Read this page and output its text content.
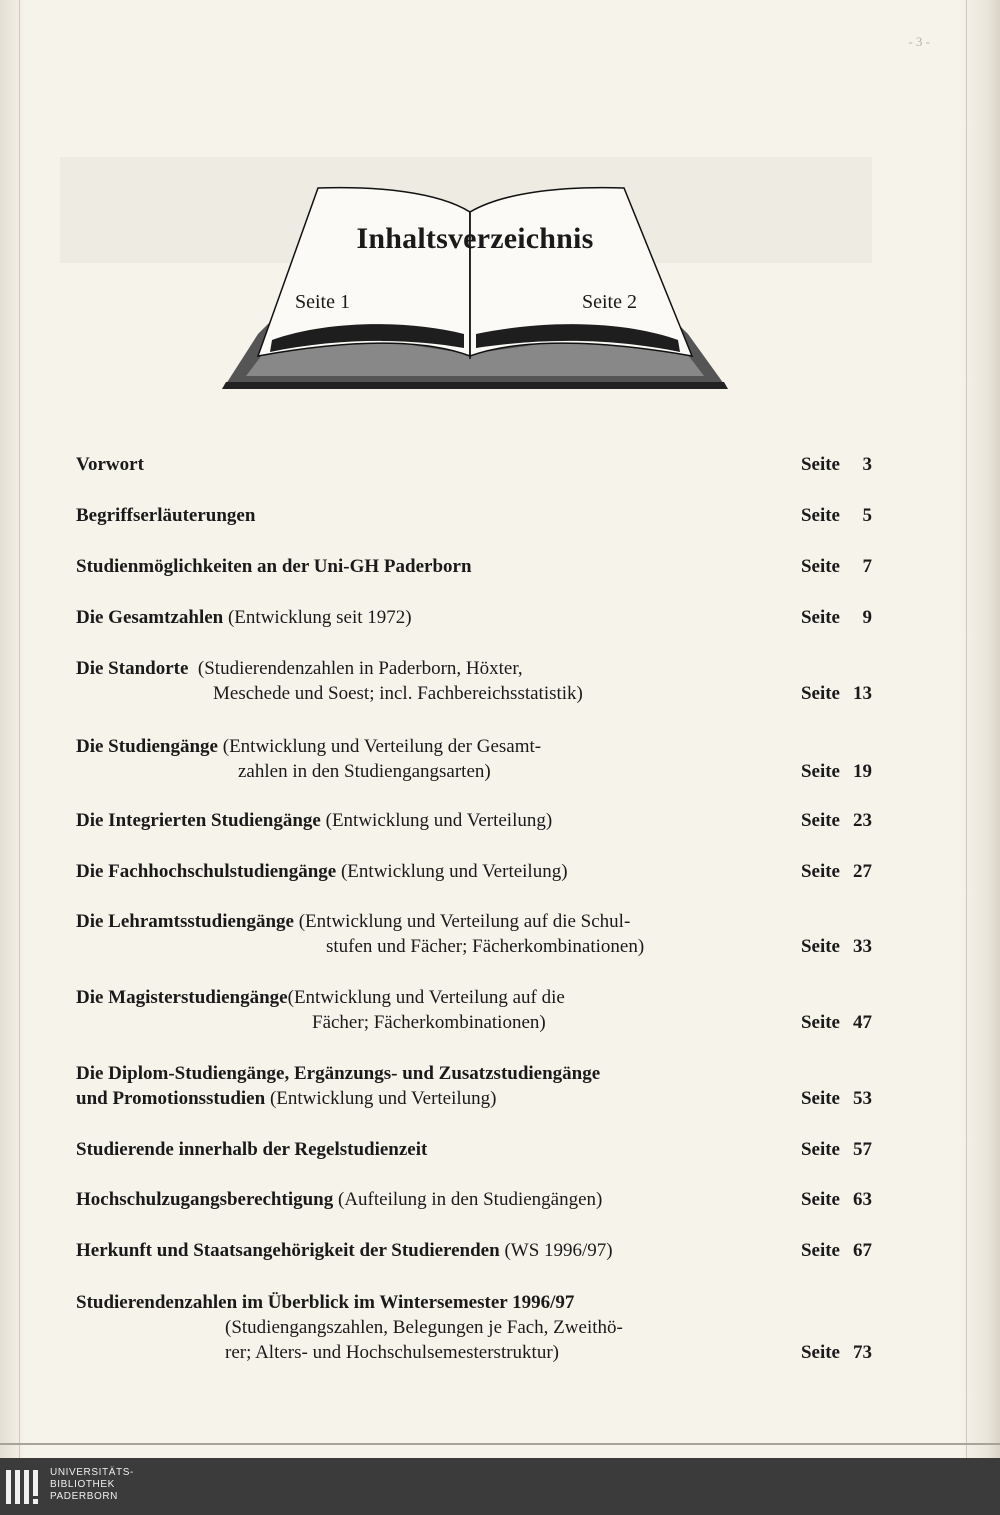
- 3 -
Inhaltsverzeichnis
Seite 1	Seite 2
Vorwort	Seite 3
Begriffserläuterungen	Seite 5
Studienmöglichkeiten an der Uni-GH Paderborn	Seite 7
Die Gesamtzahlen (Entwicklung seit 1972)	Seite 9
Die Standorte  (Studierendenzahlen in Paderborn, Höxter,
Meschede und Soest; incl. Fachbereichsstatistik)	Seite 13
Die Studiengänge (Entwicklung und Verteilung der Gesamt-
zahlen in den Studiengangsarten)	Seite 19
Die Integrierten Studiengänge (Entwicklung und Verteilung)	Seite 23
Die Fachhochschulstudiengänge (Entwicklung und Verteilung)	Seite 27
Die Lehramtsstudiengänge (Entwicklung und Verteilung auf die Schul-
stufen und Fächer; Fächerkombinationen)	Seite 33
Die Magisterstudiengänge(Entwicklung und Verteilung auf die
Fächer; Fächerkombinationen)	Seite 47
Die Diplom-Studiengänge, Ergänzungs- und Zusatzstudiengänge
und Promotionsstudien (Entwicklung und Verteilung)	Seite 53
Studierende innerhalb der Regelstudienzeit	Seite 57
Hochschulzugangsberechtigung (Aufteilung in den Studiengängen)	Seite 63
Herkunft und Staatsangehörigkeit der Studierenden (WS 1996/97)	Seite 67
Studierendenzahlen im Überblick im Wintersemester 1996/97
(Studiengangszahlen, Belegungen je Fach, Zweithö-
rer; Alters- und Hochschulsemesterstruktur)	Seite 73
UNIVERSITÄTS-
BIBLIOTHEK
PADERBORN
